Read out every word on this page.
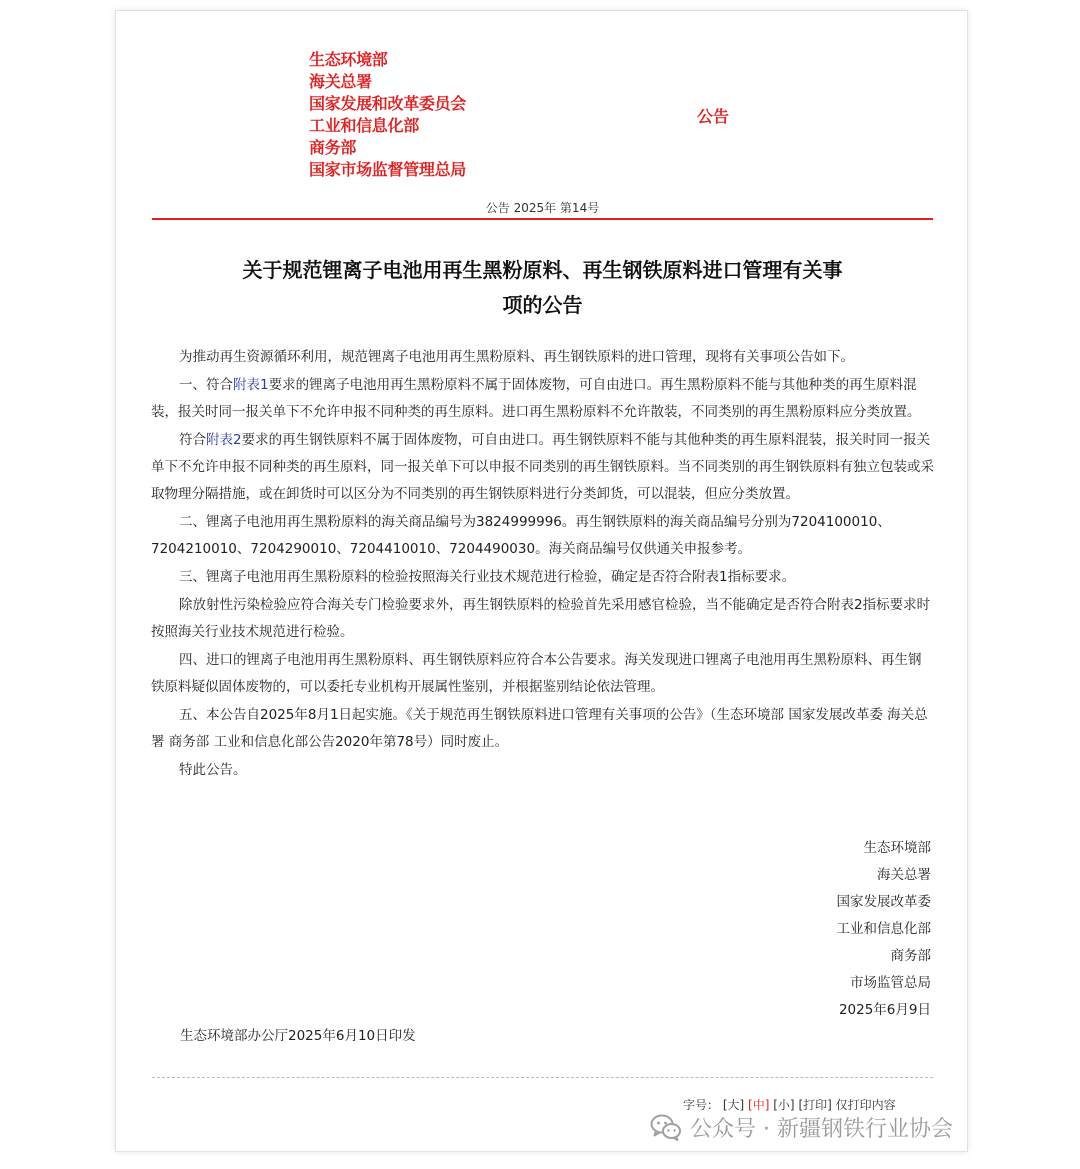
生态环境部
海关总署
国家发展和改革委员会
工业和信息化部
商务部
国家市场监督管理总局
公告
公告 2025年 第14号
关于规范锂离子电池用再生黑粉原料、再生钢铁原料进口管理有关事
项的公告

为推动再生资源循环利用，规范锂离子电池用再生黑粉原料、再生钢铁原料的进口管理，现将有关事项公告如下。

一、符合附表1要求的锂离子电池用再生黑粉原料不属于固体废物，可自由进口。再生黑粉原料不能与其他种类的再生原料混装，报关时同一报关单下不允许申报不同种类的再生原料。进口再生黑粉原料不允许散装，不同类别的再生黑粉原料应分类放置。

符合附表2要求的再生钢铁原料不属于固体废物，可自由进口。再生钢铁原料不能与其他种类的再生原料混装，报关时同一报关单下不允许申报不同种类的再生原料，同一报关单下可以申报不同类别的再生钢铁原料。当不同类别的再生钢铁原料有独立包装或采取物理分隔措施，或在卸货时可以区分为不同类别的再生钢铁原料进行分类卸货，可以混装，但应分类放置。

二、锂离子电池用再生黑粉原料的海关商品编号为3824999996。再生钢铁原料的海关商品编号分别为7204100010、7204210010、7204290010、7204410010、7204490030。海关商品编号仅供通关申报参考。

三、锂离子电池用再生黑粉原料的检验按照海关行业技术规范进行检验，确定是否符合附表1指标要求。

除放射性污染检验应符合海关专门检验要求外，再生钢铁原料的检验首先采用感官检验，当不能确定是否符合附表2指标要求时按照海关行业技术规范进行检验。

四、进口的锂离子电池用再生黑粉原料、再生钢铁原料应符合本公告要求。海关发现进口锂离子电池用再生黑粉原料、再生钢铁原料疑似固体废物的，可以委托专业机构开展属性鉴别，并根据鉴别结论依法管理。

五、本公告自2025年8月1日起实施。《关于规范再生钢铁原料进口管理有关事项的公告》（生态环境部 国家发展改革委 海关总署 商务部 工业和信息化部公告2020年第78号）同时废止。

特此公告。

生态环境部
海关总署
国家发展改革委
工业和信息化部
商务部
市场监管总局
2025年6月9日
生态环境部办公厅2025年6月10日印发
字号： [大] [中] [小] [打印] 仅打印内容
公众号 · 新疆钢铁行业协会
